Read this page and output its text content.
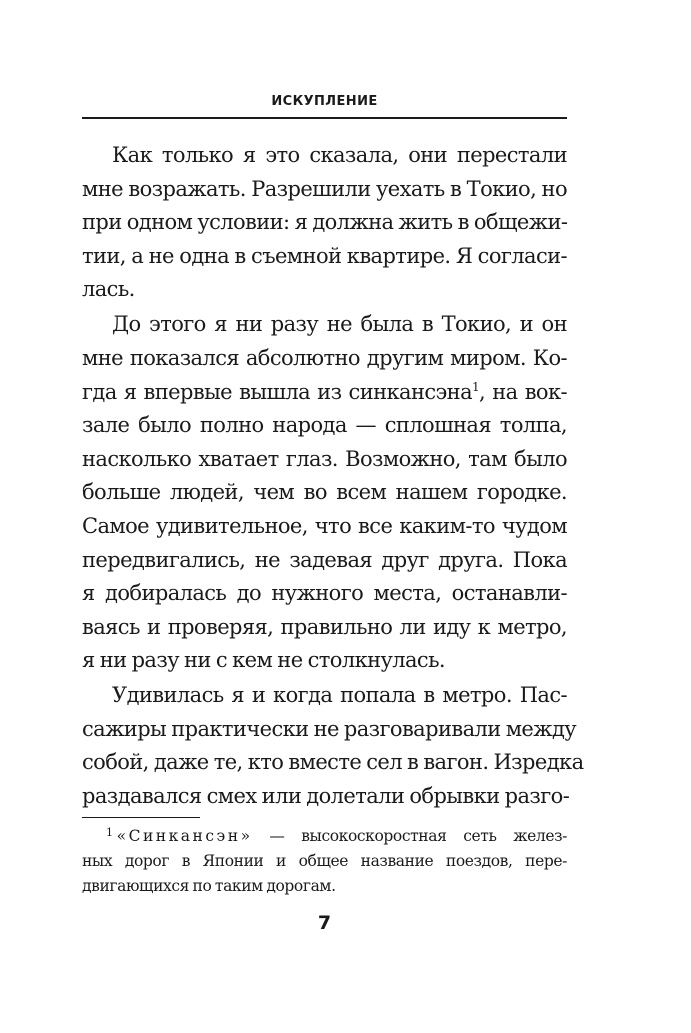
ИСКУПЛЕНИЕ
Как только я это сказала, они перестали
мне возражать. Разрешили уехать в Токио, но
при одном условии: я должна жить в общежи-
тии, а не одна в съемной квартире. Я согласи-
лась.
До этого я ни разу не была в Токио, и он
мне показался абсолютно другим миром. Ко-
гда я впервые вышла из синкансэна$^1$, на вок-
зале было полно народа — сплошная толпа,
насколько хватает глаз. Возможно, там было
больше людей, чем во всем нашем городке.
Самое удивительное, что все каким-то чудом
передвигались, не задевая друг друга. Пока
я добиралась до нужного места, останавли-
ваясь и проверяя, правильно ли иду к метро,
я ни разу ни с кем не столкнулась.
Удивилась я и когда попала в метро. Пас-
сажиры практически не разговаривали между
собой, даже те, кто вместе сел в вагон. Изредка
раздавался смех или долетали обрывки разго-
$^1$ «Синкансэн» — высокоскоростная сеть желез-
ных дорог в Японии и общее название поездов, пере-
двигающихся по таким дорогам.
7
